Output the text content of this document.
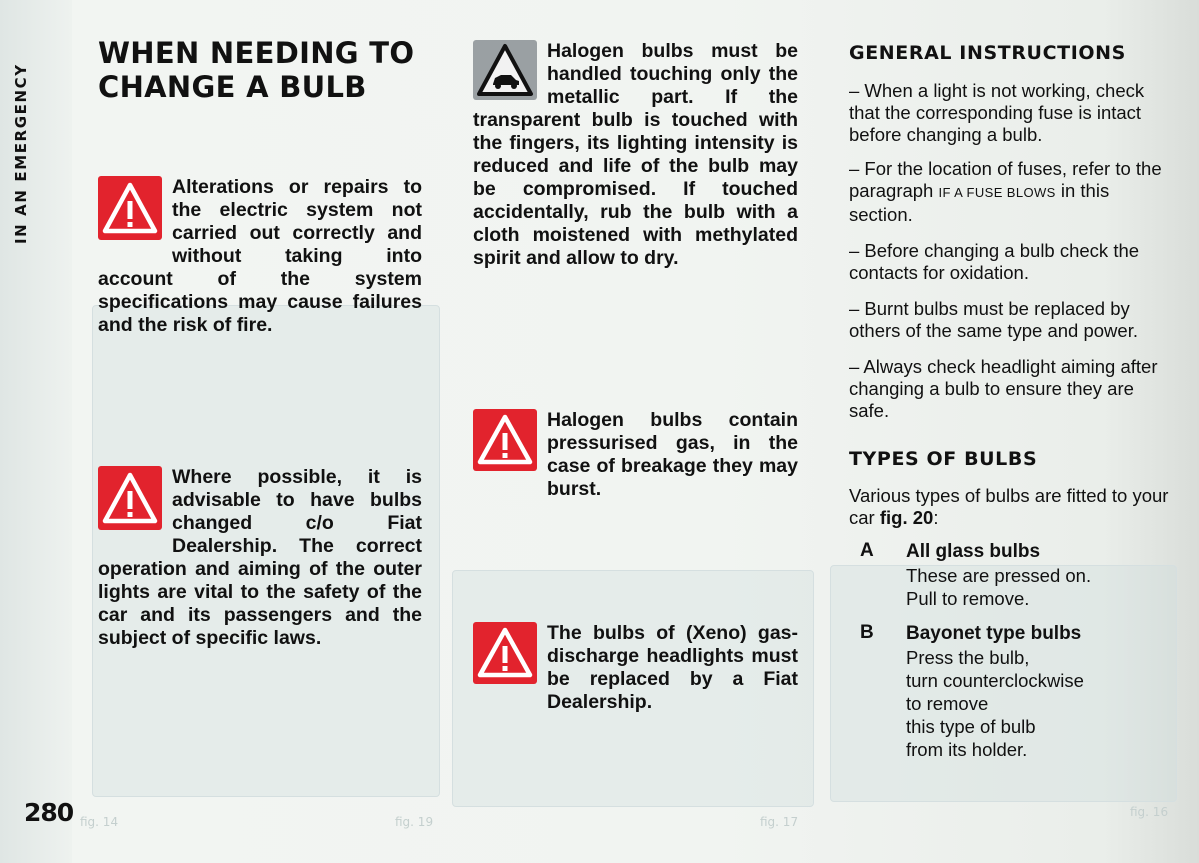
IN AN EMERGENCY
280 fig. 14	fig. 19	fig. 17
fig. 16
WHEN NEEDING TO CHANGE A BULB
Alterations or repairs to the electric system not carried out correctly and without taking into account of the system specifications may cause failures and the risk of fire.
Where possible, it is advisable to have bulbs changed c/o Fiat Dealership. The correct operation and aiming of the outer lights are vital to the safety of the car and its passengers and the subject of specific laws.
Halogen bulbs must be handled touching only the metallic part. If the transparent bulb is touched with the fingers, its lighting intensity is reduced and life of the bulb may be compromised. If touched accidentally, rub the bulb with a cloth moistened with methylated spirit and allow to dry.
Halogen bulbs contain pressurised gas, in the case of breakage they may burst.
The bulbs of (Xeno) gas-discharge headlights must be replaced by a Fiat Dealership.
GENERAL INSTRUCTIONS

– When a light is not working, check that the corresponding fuse is intact before changing a bulb.

– For the location of fuses, refer to the paragraph IF A FUSE BLOWS in this section.

– Before changing a bulb check the contacts for oxidation.

– Burnt bulbs must be replaced by others of the same type and power.

– Always check headlight aiming after changing a bulb to ensure they are safe.

TYPES OF BULBS

Various types of bulbs are fitted to your car fig. 20:

A All glass bulbs
These are pressed on.
Pull to remove.
B Bayonet type bulbs
Press the bulb,
turn counterclockwise
to remove
this type of bulb
from its holder.
